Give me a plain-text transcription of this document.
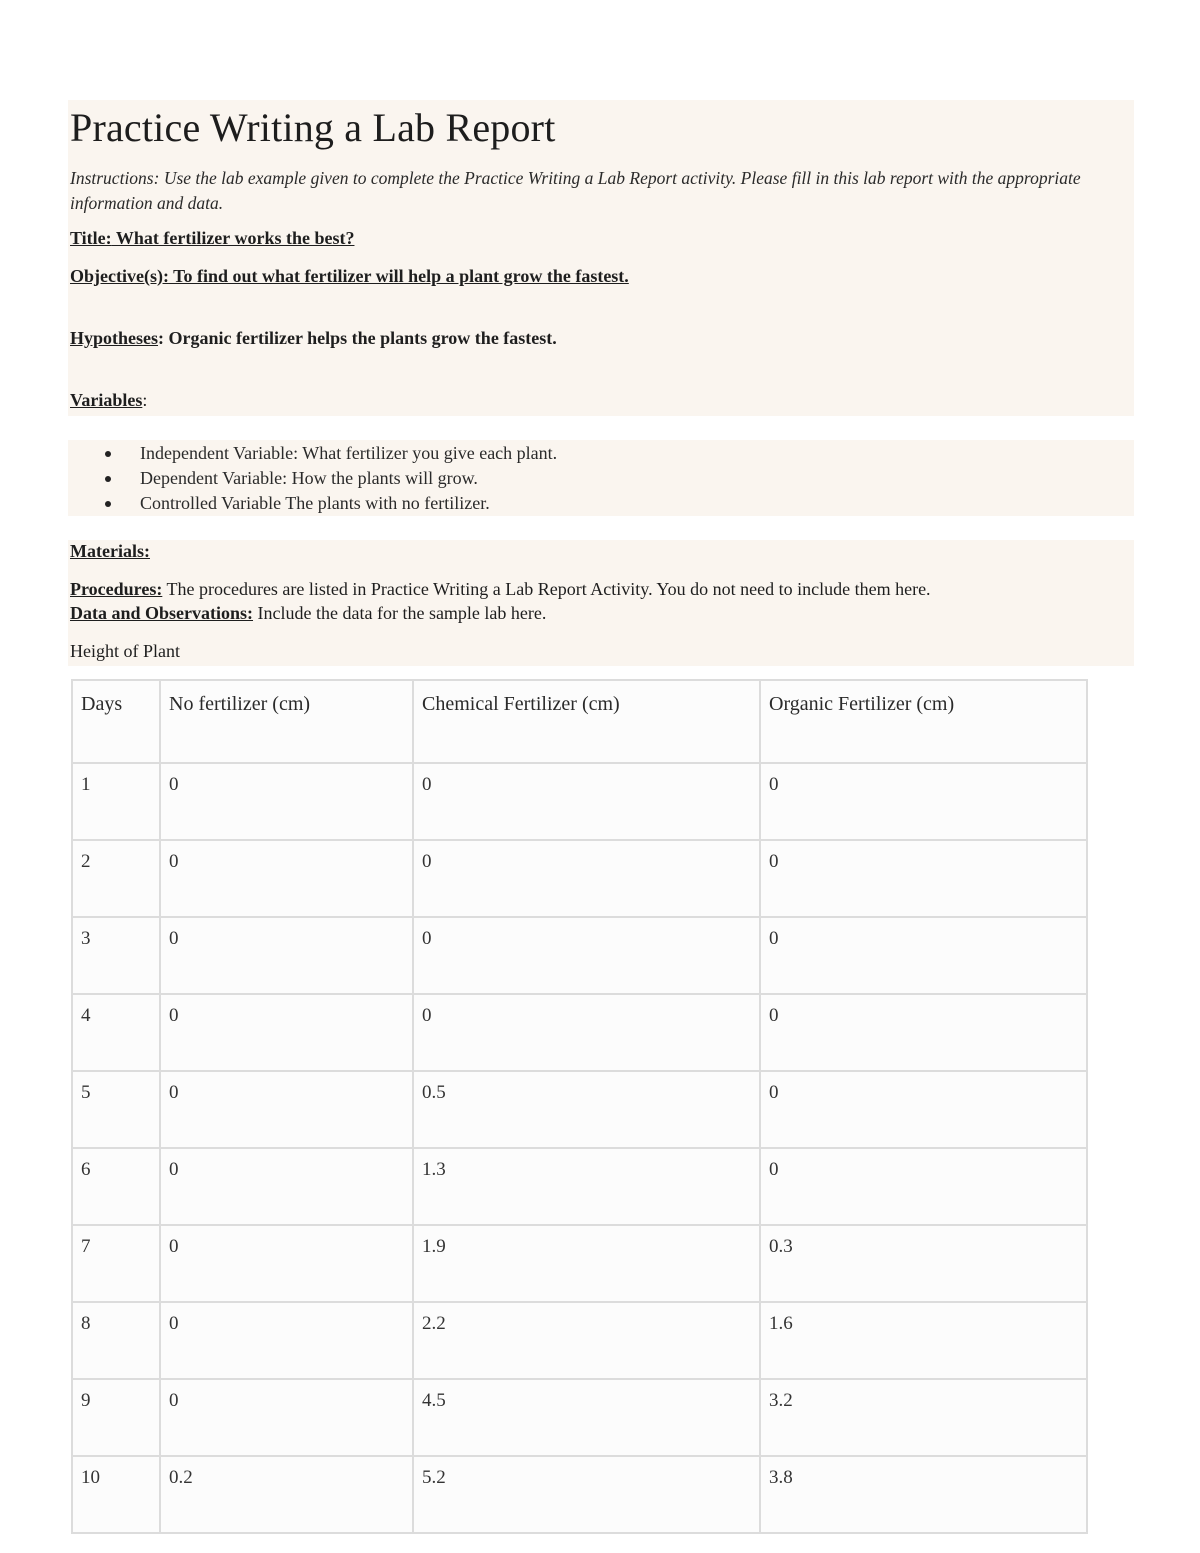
Practice Writing a Lab Report

Instructions: Use the lab example given to complete the Practice Writing a Lab Report activity. Please fill in this lab report with the appropriate information and data.

Title: What fertilizer works the best?
Objective(s): To find out what fertilizer will help a plant grow the fastest.
Hypotheses: Organic fertilizer helps the plants grow the fastest.
Variables:
Independent Variable: What fertilizer you give each plant.
Dependent Variable: How the plants will grow.
Controlled Variable The plants with no fertilizer.
Materials:
Procedures: The procedures are listed in Practice Writing a Lab Report Activity. You do not need to include them here.
Data and Observations: Include the data for the sample lab here.
Height of Plant
Days	No fertilizer (cm)	Chemical Fertilizer (cm)	Organic Fertilizer (cm)
1	0	0	0
2	0	0	0
3	0	0	0
4	0	0	0
5	0	0.5	0
6	0	1.3	0
7	0	1.9	0.3
8	0	2.2	1.6
9	0	4.5	3.2
10	0.2	5.2	3.8
